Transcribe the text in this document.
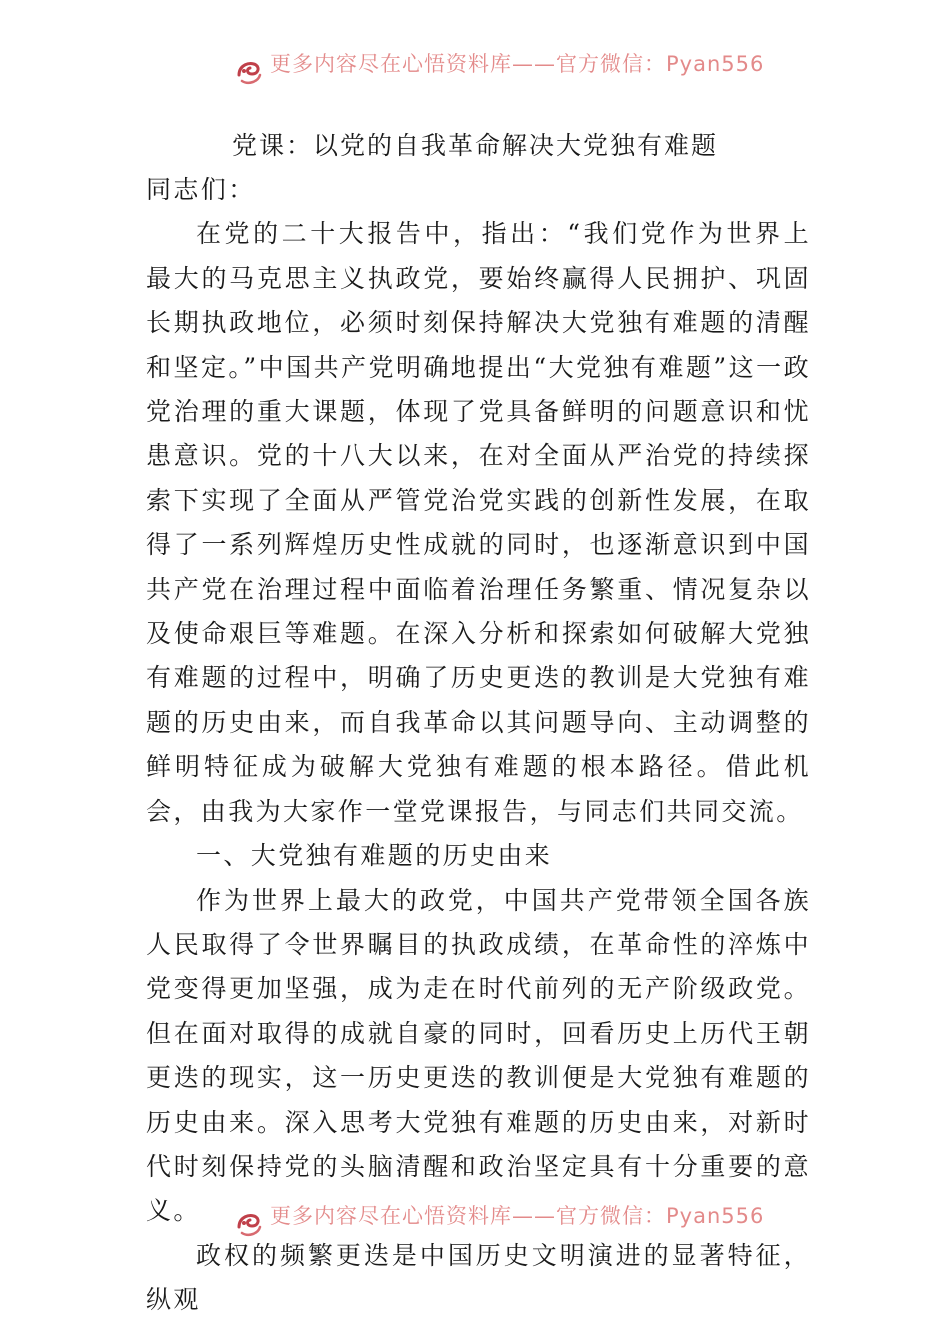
更多内容尽在心悟资料库——官方微信：Pyan556
党课：以党的自我革命解决大党独有难题

同志们：

在党的二十大报告中，指出：“我们党作为世界上最大的马克思主义执政党，要始终赢得人民拥护、巩固长期执政地位，必须时刻保持解决大党独有难题的清醒和坚定。”中国共产党明确地提出“大党独有难题”这一政党治理的重大课题，体现了党具备鲜明的问题意识和忧患意识。党的十八大以来，在对全面从严治党的持续探索下实现了全面从严管党治党实践的创新性发展，在取得了一系列辉煌历史性成就的同时，也逐渐意识到中国共产党在治理过程中面临着治理任务繁重、情况复杂以及使命艰巨等难题。在深入分析和探索如何破解大党独有难题的过程中，明确了历史更迭的教训是大党独有难题的历史由来，而自我革命以其问题导向、主动调整的鲜明特征成为破解大党独有难题的根本路径。借此机会，由我为大家作一堂党课报告，与同志们共同交流。

一、大党独有难题的历史由来

作为世界上最大的政党，中国共产党带领全国各族人民取得了令世界瞩目的执政成绩，在革命性的淬炼中党变得更加坚强，成为走在时代前列的无产阶级政党。但在面对取得的成就自豪的同时，回看历史上历代王朝更迭的现实，这一历史更迭的教训便是大党独有难题的历史由来。深入思考大党独有难题的历史由来，对新时代时刻保持党的头脑清醒和政治坚定具有十分重要的意义。

政权的频繁更迭是中国历史文明演进的显著特征，纵观

更多内容尽在心悟资料库——官方微信：Pyan556
